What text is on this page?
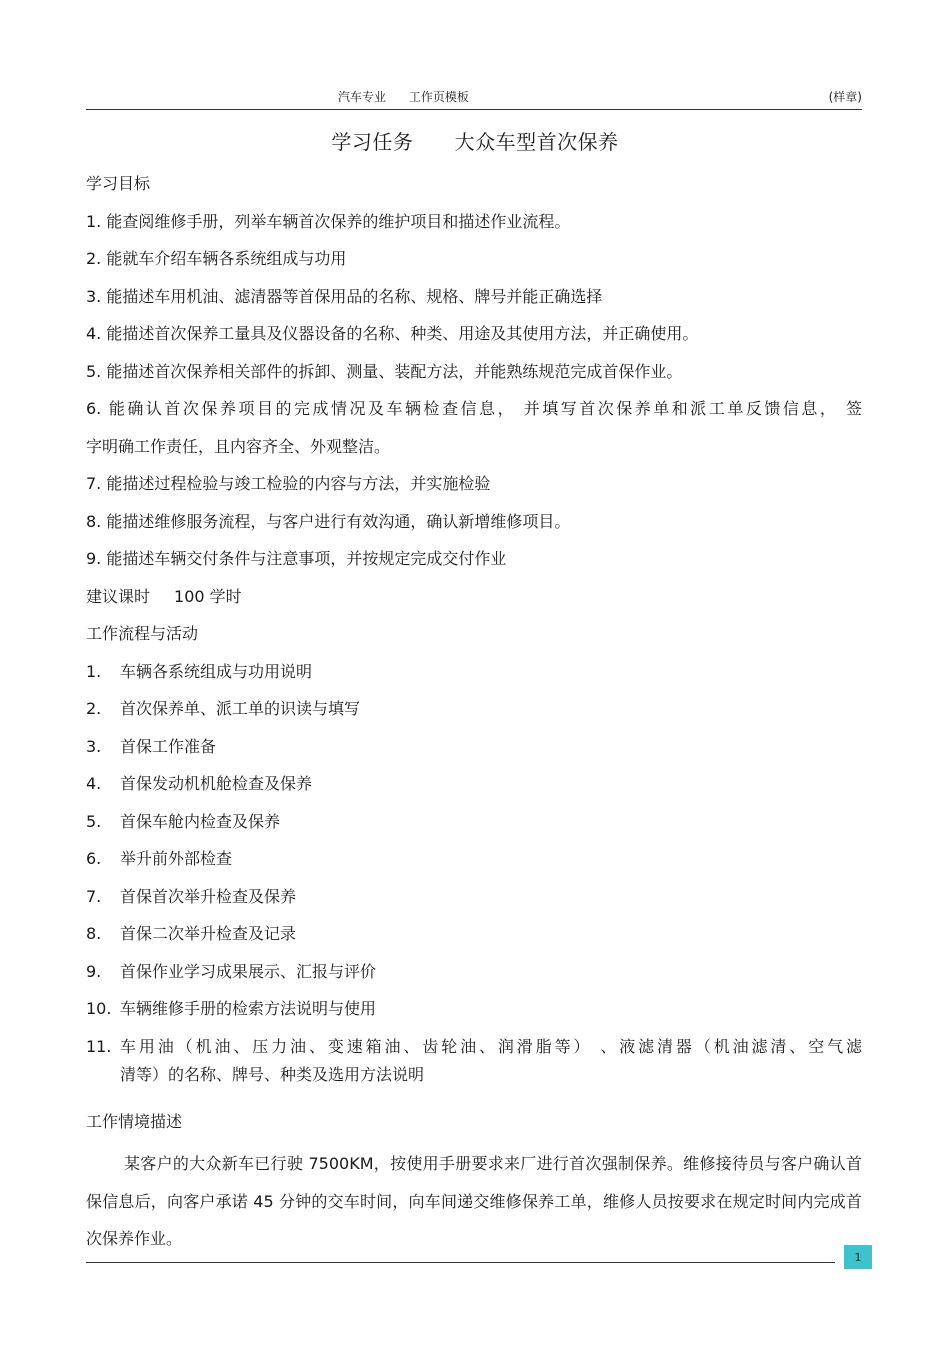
汽车专业      工作页模板	(样章)
学习任务      大众车型首次保养
学习目标
1. 能查阅维修手册，列举车辆首次保养的维护项目和描述作业流程。
2. 能就车介绍车辆各系统组成与功用
3. 能描述车用机油、滤清器等首保用品的名称、规格、牌号并能正确选择
4. 能描述首次保养工量具及仪器设备的名称、种类、用途及其使用方法，并正确使用。
5. 能描述首次保养相关部件的拆卸、测量、装配方法，并能熟练规范完成首保作业。
6. 能确认首次保养项目的完成情况及车辆检查信息， 并填写首次保养单和派工单反馈信息， 签
字明确工作责任，且内容齐全、外观整洁。
7. 能描述过程检验与竣工检验的内容与方法，并实施检验
8. 能描述维修服务流程，与客户进行有效沟通，确认新增维修项目。
9. 能描述车辆交付条件与注意事项，并按规定完成交付作业
建议课时 100 学时
工作流程与活动
1.	车辆各系统组成与功用说明
2.	首次保养单、派工单的识读与填写
3.	首保工作准备
4.	首保发动机机舱检查及保养
5.	首保车舱内检查及保养
6.	举升前外部检查
7.	首保首次举升检查及保养
8.	首保二次举升检查及记录
9.	首保作业学习成果展示、汇报与评价
10. 车辆维修手册的检索方法说明与使用
11. 车用油（机油、压力油、变速箱油、齿轮油、润滑脂等） 、液滤清器（机油滤清、空气滤
清等）的名称、牌号、种类及选用方法说明
工作情境描述
某客户的大众新车已行驶 7500KM，按使用手册要求来厂进行首次强制保养。维修接待员与客户确认首保信息后，向客户承诺 45 分钟的交车时间，向车间递交维修保养工单，维修人员按要求在规定时间内完成首次保养作业。
1
